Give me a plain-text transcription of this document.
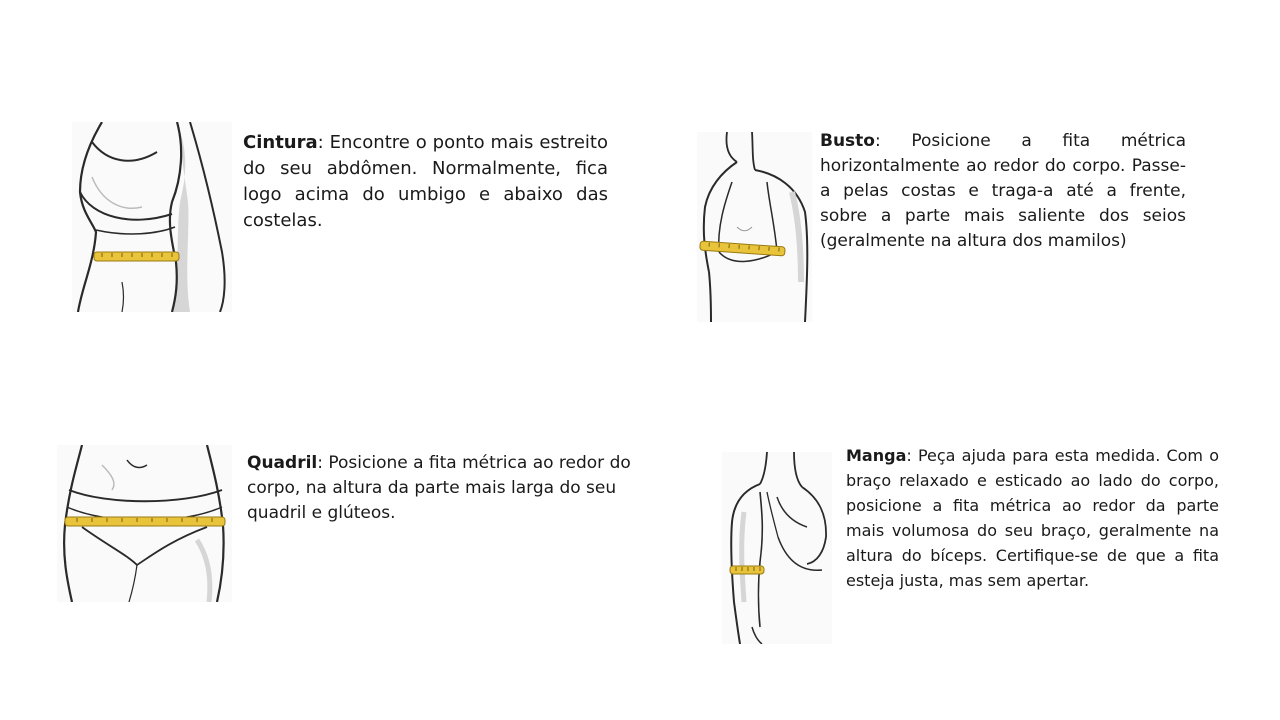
Cintura: Encontre o ponto mais estreito do seu abdômen. Normalmente, fica logo acima do umbigo e abaixo das costelas.

Busto: Posicione a fita métrica horizontalmente ao redor do corpo. Passe-a pelas costas e traga-a até a frente, sobre a parte mais saliente dos seios (geralmente na altura dos mamilos)

Quadril: Posicione a fita métrica ao redor do corpo, na altura da parte mais larga do seu quadril e glúteos.

Manga: Peça ajuda para esta medida. Com o braço relaxado e esticado ao lado do corpo, posicione a fita métrica ao redor da parte mais volumosa do seu braço, geralmente na altura do bíceps. Certifique-se de que a fita esteja justa, mas sem apertar.
